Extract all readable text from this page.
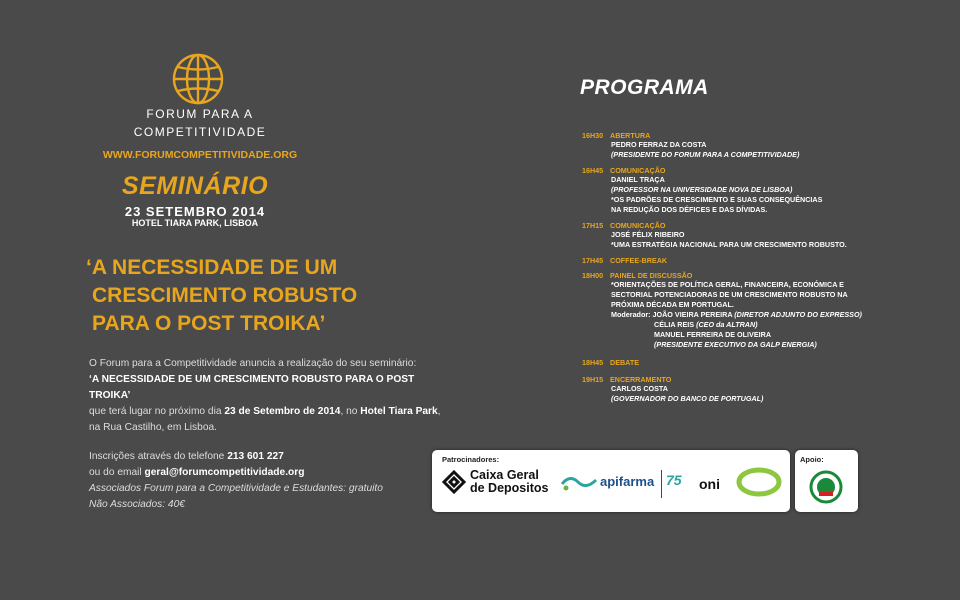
FORUM PARA A
COMPETITIVIDADE
WWW.FORUMCOMPETITIVIDADE.ORG
SEMINÁRIO
23 SETEMBRO 2014
HOTEL TIARA PARK, LISBOA
‘A NECESSIDADE DE UM
CRESCIMENTO ROBUSTO
PARA O POST TROIKA’
O Forum para a Competitividade anuncia a realização do seu seminário:
‘A NECESSIDADE DE UM CRESCIMENTO ROBUSTO PARA O POST TROIKA’
que terá lugar no próximo dia 23 de Setembro de 2014, no Hotel Tiara Park,
na Rua Castilho, em Lisboa.
Inscrições através do telefone 213 601 227
ou do email geral@forumcompetitividade.org
Associados Forum para a Competitividade e Estudantes: gratuito
Não Associados: 40€
PROGRAMA
16H30 ABERTURA
PEDRO FERRAZ DA COSTA
(PRESIDENTE DO FORUM PARA A COMPETITIVIDADE)
16H45 COMUNICAÇÃO
DANIEL TRAÇA
(PROFESSOR NA UNIVERSIDADE NOVA DE LISBOA)
*OS PADRÕES DE CRESCIMENTO E SUAS CONSEQUÊNCIAS
NA REDUÇÃO DOS DÉFICES E DAS DÍVIDAS.
17H15 COMUNICAÇÃO
JOSÉ FÉLIX RIBEIRO
*UMA ESTRATÉGIA NACIONAL PARA UM CRESCIMENTO ROBUSTO.
17H45 COFFEE-BREAK
18H00 PAINEL DE DISCUSSÃO
*ORIENTAÇÕES DE POLÍTICA GERAL, FINANCEIRA, ECONÓMICA E
SECTORIAL POTENCIADORAS DE UM CRESCIMENTO ROBUSTO NA
PRÓXIMA DÉCADA EM PORTUGAL.
Moderador: JOÃO VIEIRA PEREIRA (DIRETOR ADJUNTO DO EXPRESSO)
CÉLIA REIS (CEO da ALTRAN)
MANUEL FERREIRA DE OLIVEIRA
(PRESIDENTE EXECUTIVO DA GALP ENERGIA)
18H45 DEBATE
19H15 ENCERRAMENTO
CARLOS COSTA
(GOVERNADOR DO BANCO DE PORTUGAL)
Patrocinadores:
Caixa Geral
de Depositos	apifarma 75 oni
Apoio:
